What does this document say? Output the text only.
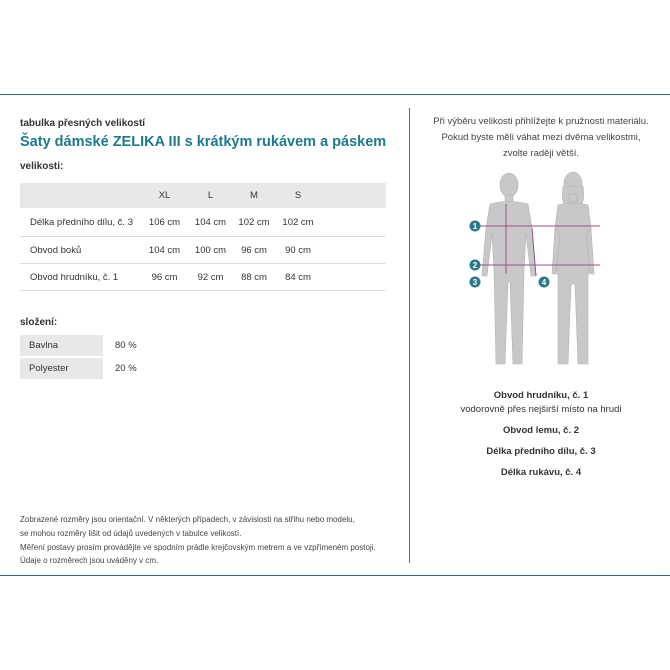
tabulka přesných velikostí
Šaty dámské ZELIKA III s krátkým rukávem a páskem
velikosti:
	XL	L	M	S	
Délka předního dílu, č. 3	106 cm	104 cm	102 cm	102 cm	
Obvod boků	104 cm	100 cm	96 cm	90 cm	
Obvod hrudníku, č. 1	96 cm	92 cm	88 cm	84 cm	
složení:
Bavlna	80 %
Polyester	20 %
Zobrazené rozměry jsou orientační. V některých případech, v závislosti na střihu nebo modelu,
se mohou rozměry lišit od údajů uvedených v tabulce velikostí.
Měření postavy prosím provádějte ve spodním prádle krejčovským metrem a ve vzpřímeném postoji.
Údaje o rozměrech jsou uváděny v cm.
Při výběru velikosti přihlížejte k pružnosti materiálu.
Pokud byste měli váhat mezi dvěma velikostmi,
zvolte raději větší.
1
2
3	4
Obvod hrudníku, č. 1
vodorovně přes nejširší místo na hrudi
Obvod lemu, č. 2
Délka předního dílu, č. 3
Délka rukávu, č. 4
